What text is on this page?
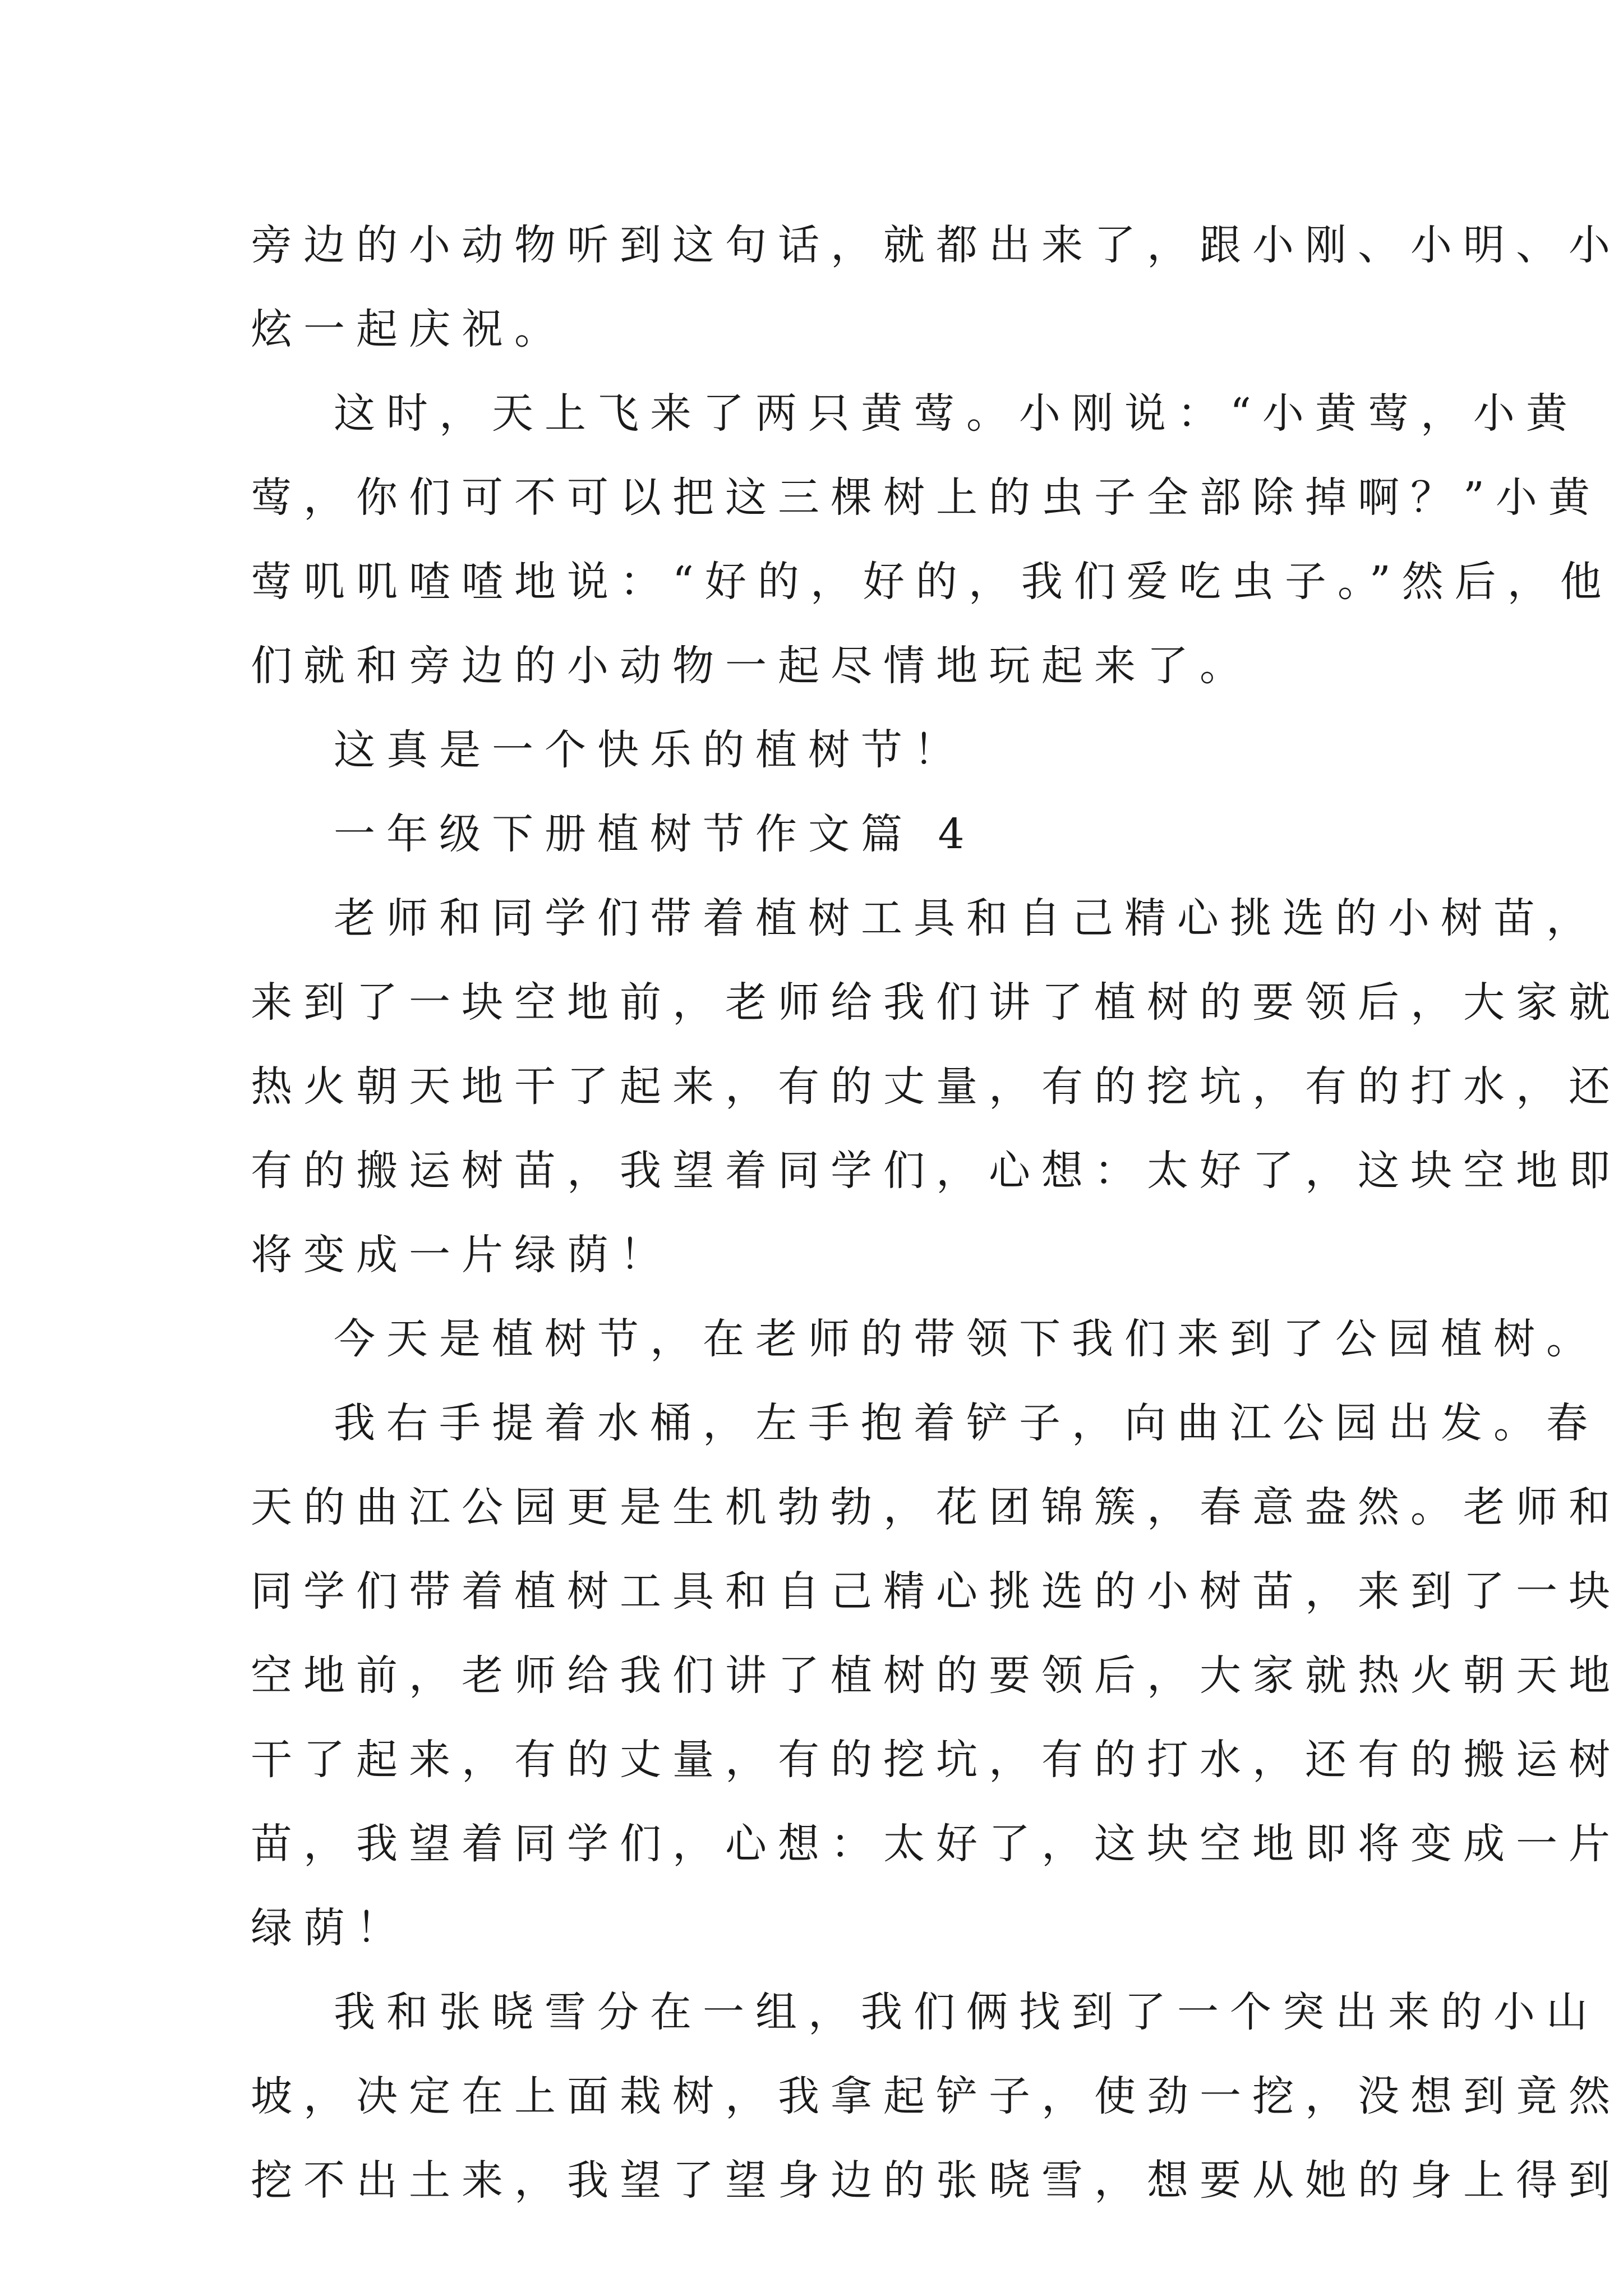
旁边的小动物听到这句话，就都出来了，跟小刚、小明、小
炫一起庆祝。
这时，天上飞来了两只黄莺。小刚说：“小黄莺，小黄
莺，你们可不可以把这三棵树上的虫子全部除掉啊？”小黄
莺叽叽喳喳地说：“好的，好的，我们爱吃虫子。”然后，他
们就和旁边的小动物一起尽情地玩起来了。
这真是一个快乐的植树节！
一年级下册植树节作文篇 4
老师和同学们带着植树工具和自己精心挑选的小树苗，
来到了一块空地前，老师给我们讲了植树的要领后，大家就
热火朝天地干了起来，有的丈量，有的挖坑，有的打水，还
有的搬运树苗，我望着同学们，心想：太好了，这块空地即
将变成一片绿荫！
今天是植树节，在老师的带领下我们来到了公园植树。
我右手提着水桶，左手抱着铲子，向曲江公园出发。春
天的曲江公园更是生机勃勃，花团锦簇，春意盎然。老师和
同学们带着植树工具和自己精心挑选的小树苗，来到了一块
空地前，老师给我们讲了植树的要领后，大家就热火朝天地
干了起来，有的丈量，有的挖坑，有的打水，还有的搬运树
苗，我望着同学们，心想：太好了，这块空地即将变成一片
绿荫！
我和张晓雪分在一组，我们俩找到了一个突出来的小山
坡，决定在上面栽树，我拿起铲子，使劲一挖，没想到竟然
挖不出土来，我望了望身边的张晓雪，想要从她的身上得到
